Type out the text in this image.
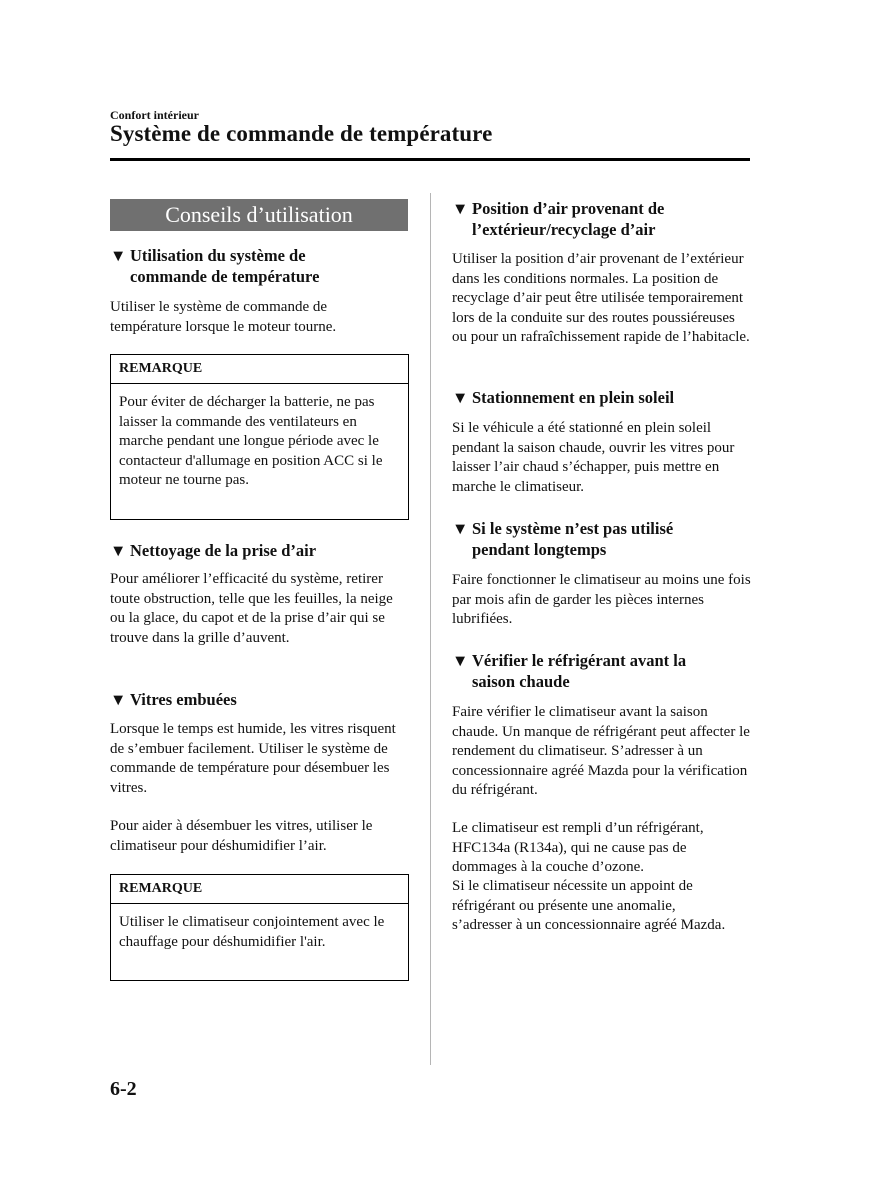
Confort intérieur
Système de commande de température
Conseils d’utilisation
▼ Utilisation du système de
commande de température

Utiliser le système de commande de température lorsque le moteur tourne.

REMARQUE
Pour éviter de décharger la batterie, ne pas laisser la commande des ventilateurs en marche pendant une longue période avec le contacteur d'allumage en position ACC si le moteur ne tourne pas.
▼ Nettoyage de la prise d’air

Pour améliorer l’efficacité du système, retirer toute obstruction, telle que les feuilles, la neige ou la glace, du capot et de la prise d’air qui se trouve dans la grille d’auvent.

▼ Vitres embuées

Lorsque le temps est humide, les vitres risquent de s’embuer facilement. Utiliser le système de commande de température pour désembuer les vitres.

Pour aider à désembuer les vitres, utiliser le climatiseur pour déshumidifier l’air.

REMARQUE
Utiliser le climatiseur conjointement avec le chauffage pour déshumidifier l'air.
▼ Position d’air provenant de
l’extérieur/recyclage d’air

Utiliser la position d’air provenant de l’extérieur dans les conditions normales. La position de recyclage d’air peut être utilisée temporairement lors de la conduite sur des routes poussiéreuses ou pour un rafraîchissement rapide de l’habitacle.

▼ Stationnement en plein soleil

Si le véhicule a été stationné en plein soleil pendant la saison chaude, ouvrir les vitres pour laisser l’air chaud s’échapper, puis mettre en marche le climatiseur.

▼ Si le système n’est pas utilisé
pendant longtemps

Faire fonctionner le climatiseur au moins une fois par mois afin de garder les pièces internes lubrifiées.

▼ Vérifier le réfrigérant avant la
saison chaude

Faire vérifier le climatiseur avant la saison chaude. Un manque de réfrigérant peut affecter le rendement du climatiseur. S’adresser à un concessionnaire agréé Mazda pour la vérification du réfrigérant.

Le climatiseur est rempli d’un réfrigérant, HFC134a (R134a), qui ne cause pas de dommages à la couche d’ozone.

Si le climatiseur nécessite un appoint de réfrigérant ou présente une anomalie, s’adresser à un concessionnaire agréé Mazda.

6-2
